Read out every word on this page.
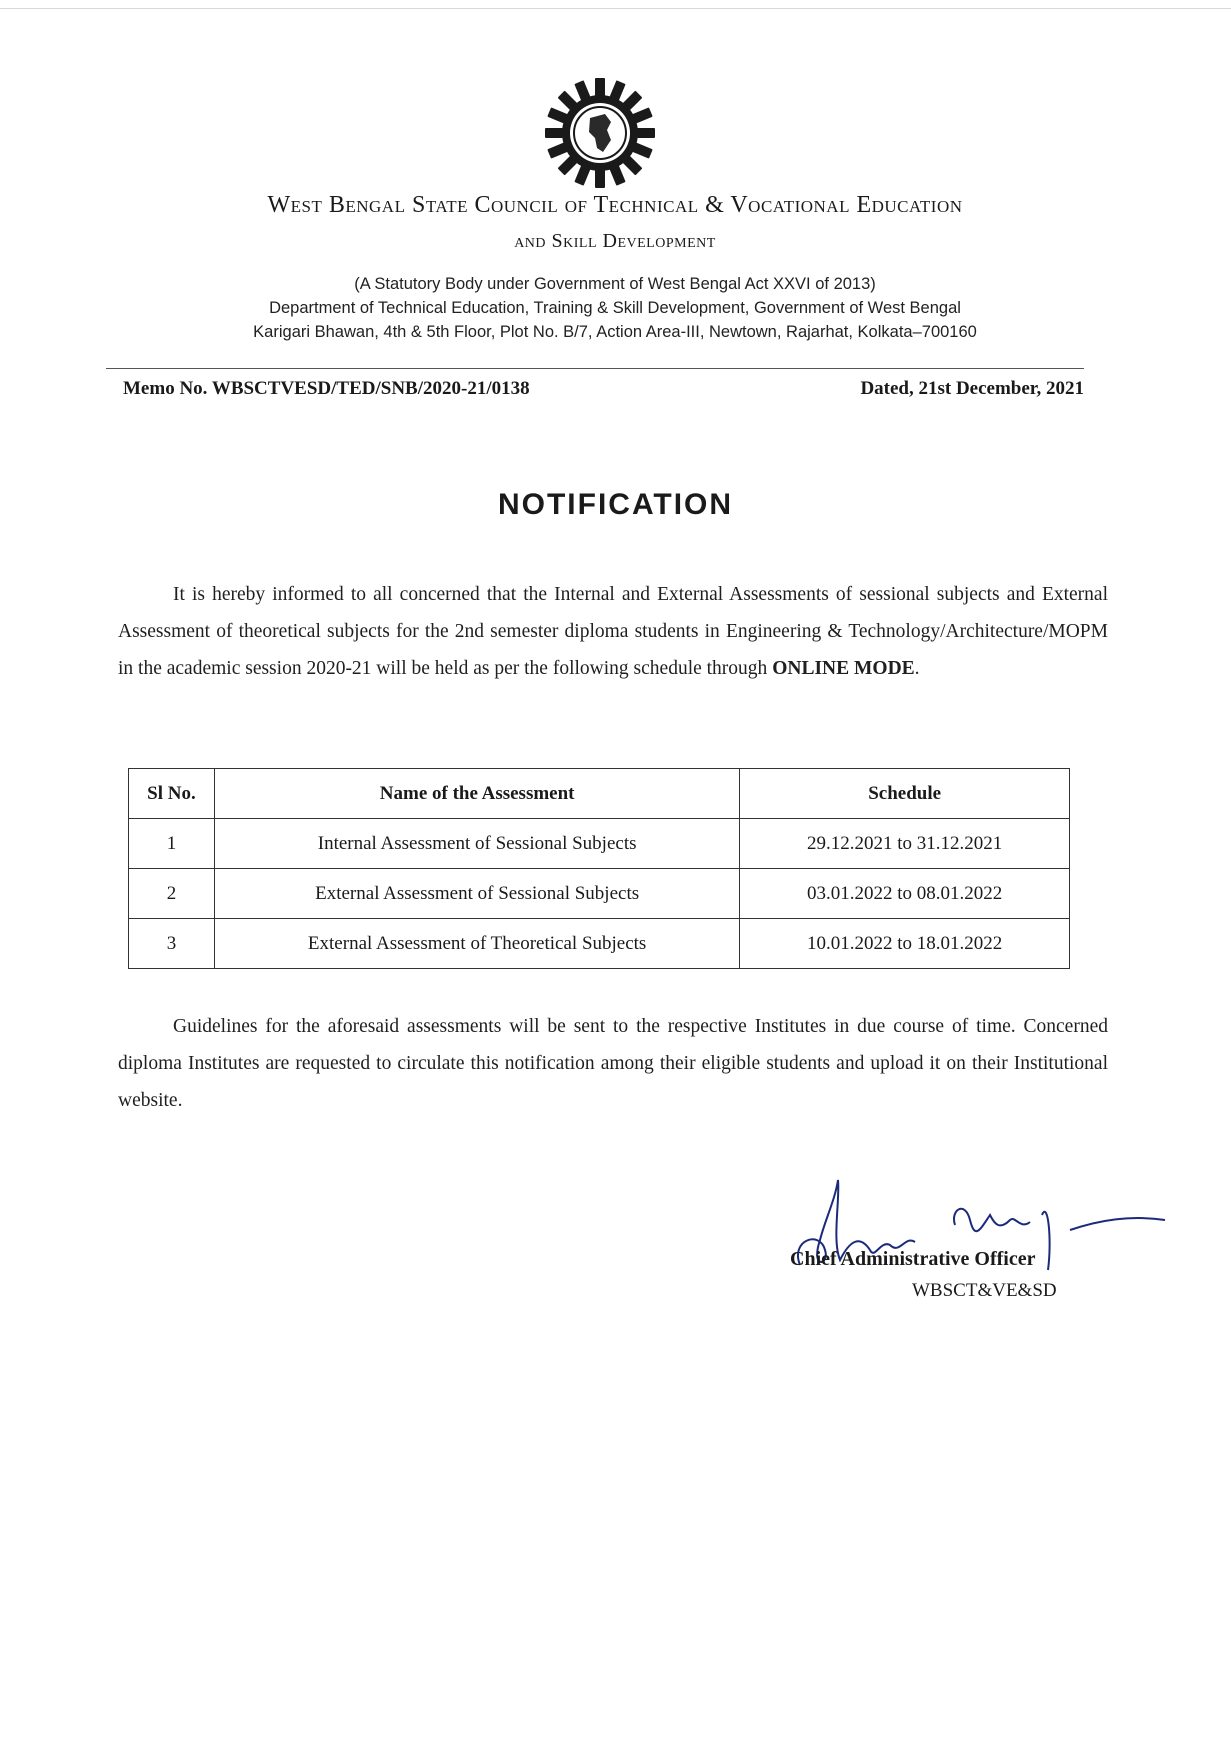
West Bengal State Council of Technical & Vocational Education
and Skill Development
(A Statutory Body under Government of West Bengal Act XXVI of 2013)
Department of Technical Education, Training & Skill Development, Government of West Bengal
Karigari Bhawan, 4th & 5th Floor, Plot No. B/7, Action Area-III, Newtown, Rajarhat, Kolkata–700160
Memo No. WBSCTVESD/TED/SNB/2020-21/0138	Dated, 21st December, 2021
NOTIFICATION
It is hereby informed to all concerned that the Internal and External Assessments of sessional subjects and External Assessment of theoretical subjects for the 2nd semester diploma students in Engineering & Technology/Architecture/MOPM in the academic session 2020-21 will be held as per the following schedule through ONLINE MODE.
Sl No.	Name of the Assessment	Schedule
1	Internal Assessment of Sessional Subjects	29.12.2021 to 31.12.2021
2	External Assessment of Sessional Subjects	03.01.2022 to 08.01.2022
3	External Assessment of Theoretical Subjects	10.01.2022 to 18.01.2022
Guidelines for the aforesaid assessments will be sent to the respective Institutes in due course of time. Concerned diploma Institutes are requested to circulate this notification among their eligible students and upload it on their Institutional website.
Chief Administrative Officer
WBSCT&VE&SD
